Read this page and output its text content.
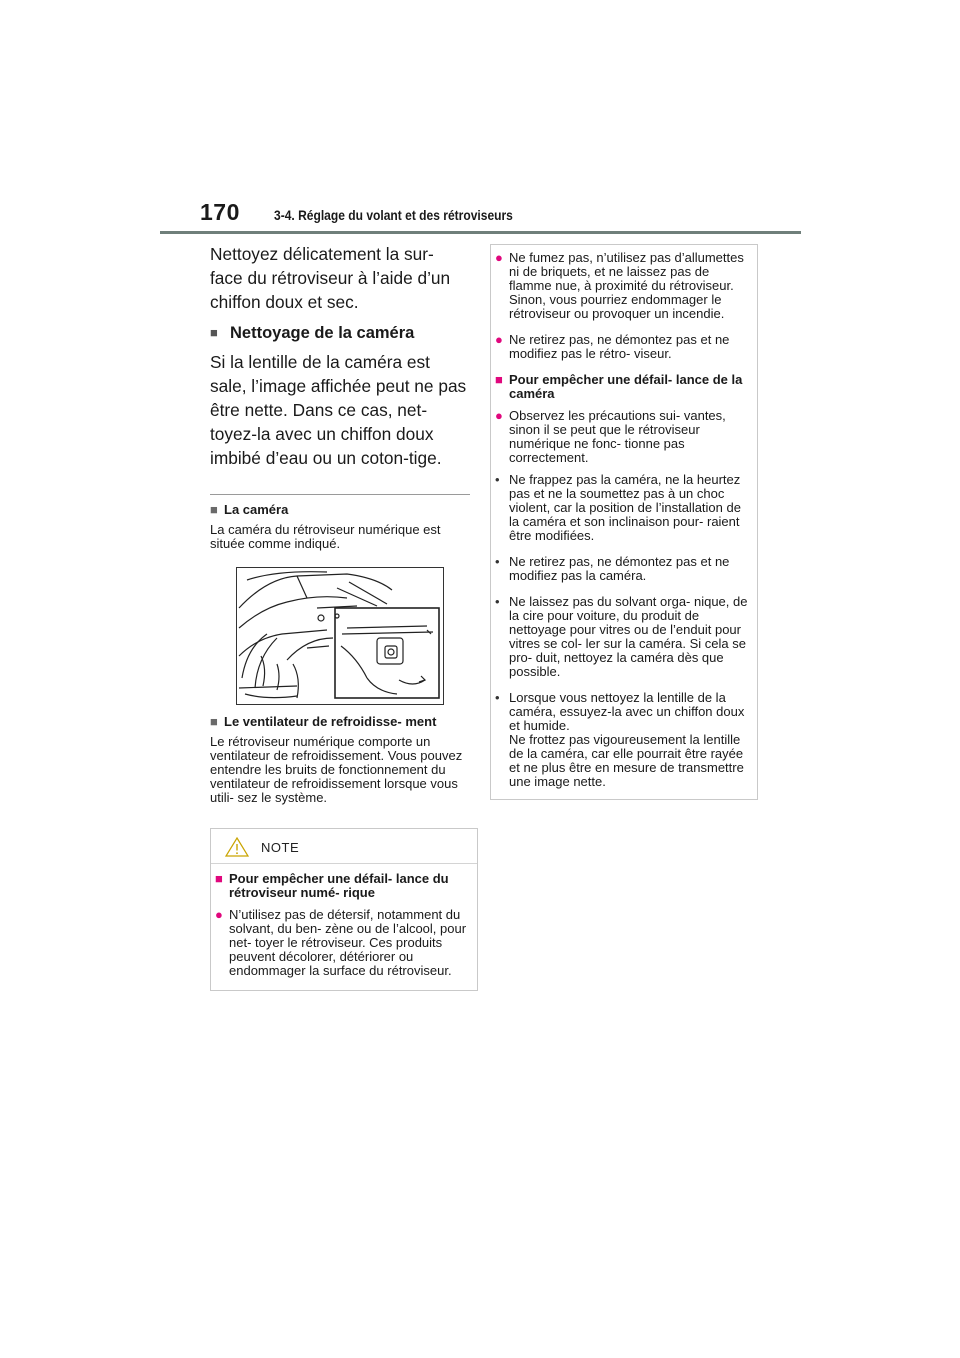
170 3-4. Réglage du volant et des rétroviseurs

Nettoyez délicatement la sur- face du rétroviseur à l’aide d’un chiffon doux et sec.

■ Nettoyage de la caméra

Si la lentille de la caméra est sale, l’image affichée peut ne pas être nette. Dans ce cas, net- toyez-la avec un chiffon doux imbibé d’eau ou un coton-tige.

■ La caméra

La caméra du rétroviseur numérique est située comme indiqué.

■ Le ventilateur de refroidisse- ment

Le rétroviseur numérique comporte un ventilateur de refroidissement. Vous pouvez entendre les bruits de fonctionnement du ventilateur de refroidissement lorsque vous utili- sez le système.

NOTE
■ Pour empêcher une défail- lance du rétroviseur numé- rique
● N’utilisez pas de détersif, notamment du solvant, du ben- zène ou de l’alcool, pour net- toyer le rétroviseur. Ces produits peuvent décolorer, détériorer ou endommager la surface du rétroviseur.
● Ne fumez pas, n’utilisez pas d’allumettes ni de briquets, et ne laissez pas de flamme nue, à proximité du rétroviseur. Sinon, vous pourriez endommager le rétroviseur ou provoquer un incendie.
● Ne retirez pas, ne démontez pas et ne modifiez pas le rétro- viseur.
■ Pour empêcher une défail- lance de la caméra
● Observez les précautions sui- vantes, sinon il se peut que le rétroviseur numérique ne fonc- tionne pas correctement.
• Ne frappez pas la caméra, ne la heurtez pas et ne la soumettez pas à un choc violent, car la position de l’installation de la caméra et son inclinaison pour- raient être modifiées.
• Ne retirez pas, ne démontez pas et ne modifiez pas la caméra.
• Ne laissez pas du solvant orga- nique, de la cire pour voiture, du produit de nettoyage pour vitres ou de l’enduit pour vitres se col- ler sur la caméra. Si cela se pro- duit, nettoyez la caméra dès que possible.
• Lorsque vous nettoyez la lentille de la caméra, essuyez-la avec un chiffon doux et humide.
Ne frottez pas vigoureusement la lentille de la caméra, car elle pourrait être rayée et ne plus être en mesure de transmettre une image nette.
